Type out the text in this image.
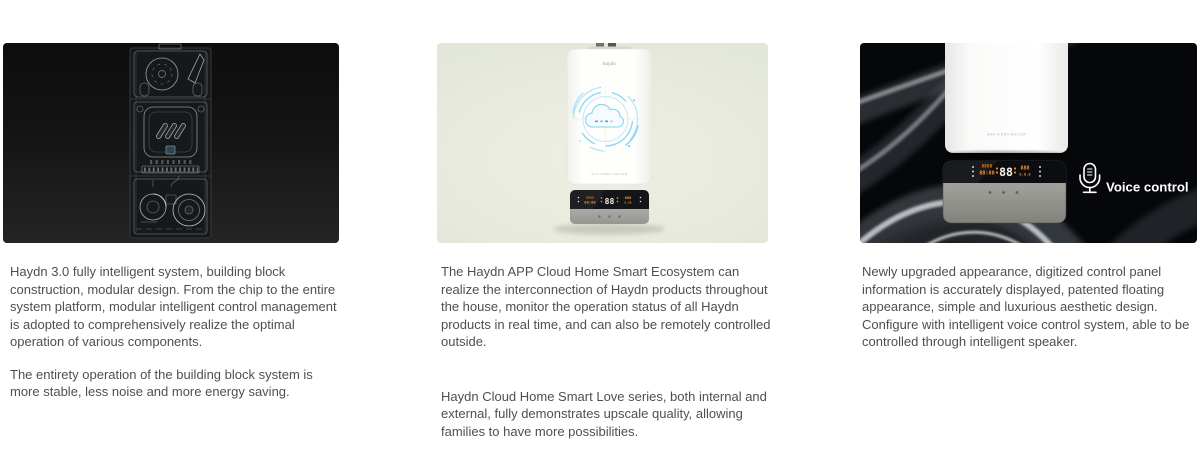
haydn
GAS FIRED BOILER
8888
88:88 88	888
8.88
GAS FIRED BOILER
8888
88:88 88 888
8.8.8
Voice control

Haydn 3.0 fully intelligent system, building block construction, modular design. From the chip to the entire system platform, modular intelligent control management is adopted to comprehensively realize the optimal operation of various components.

The entirety operation of the building block system is more stable, less noise and more energy saving.

The Haydn APP Cloud Home Smart Ecosystem can realize the interconnection of Haydn products throughout the house, monitor the operation status of all Haydn products in real time, and can also be remotely controlled outside.

Haydn Cloud Home Smart Love series, both internal and external, fully demonstrates upscale quality, allowing families to have more possibilities.

Newly upgraded appearance, digitized control panel information is accurately displayed, patented floating appearance, simple and luxurious aesthetic design. Configure with intelligent voice control system, able to be controlled through intelligent speaker.
